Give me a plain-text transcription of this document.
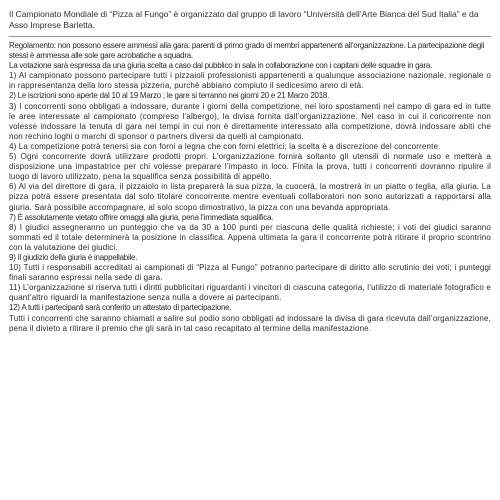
Il Campionato Mondiale di “Pizza al Fungo” è organizzato dal gruppo di lavoro “Università dell’Arte Bianca del Sud Italia” e da Asso Imprese Barletta.

Regolamento: non possono essere ammessi alla gara: parenti di primo grado di membri appartenenti all’organizzazione. La partecipazione degli stessi è ammessa alle sole gare acrobatiche a squadra.

La votazione sarà espressa da una giuria scelta a caso dal pubblico in sala in collaborazione con i capitani delle squadre in gara.

1) Al campionato possono partecipare tutti i pizzaioli professionisti appartenenti a qualunque associazione nazionale, regionale o in rappresentanza della loro stessa pizzeria, purchè abbiano compiuto il sedicesimo anno di età.

2) Le iscrizioni sono aperte dal 10 al 19 Marzo ; le gare si terranno nei giorni 20 e 21 Marzo 2018.

3) I concorrenti sono obbligati a indossare, durante i giorni della competizione, nei loro spostamenti nel campo di gara ed in tutte le aree interessate al campionato (compreso l’albergo), la divisa fornita dall’organizzazione. Nel caso in cui il concorrente non volesse indossare la tenuta di gara nei tempi in cui non è direttamente interessato alla competizione, dovrà indossare abiti che non rechino loghi o marchi di sponsor o partners diversi da quelli al campionato.

4) La competizione potrà tenersi sia con forni a legna che con forni elettrici; la scelta è a discrezione del concorrente.

5) Ogni concorrente dovrà utilizzare prodotti propri. L’organizzazione fornirà soltanto gli utensili di normale uso e metterà a disposizione una impastatrice per chi volesse preparare l’impasto in loco. Finita la prova, tutti i concorrenti dovranno ripulire il luogo di lavoro utilizzato, pena la squalifica senza possibilità di appello.

6) Al via del direttore di gara, il pizzaiolo in lista preparerà la sua pizza, la cuocerà, la mostrerà in un piatto o teglia, alla giuria. La pizza potrà essere presentata dal solo titolare concorrente mentre eventuali collaboratori non sono autorizzati a rapportarsi alla giuria. Sarà possibile accompagnare, al solo scopo dimostrativo, la pizza con una bevanda appropriata.

7) È assolutamente vietato offrire omaggi alla giuria, pena l’immediata squalifica.

8) I giudici assegneranno un punteggio che va da 30 a 100 punti per ciascuna delle qualità richieste; i voti dei giudici saranno sommati ed il totale determinerà la posizione in classifica. Appena ultimata la gara il concorrente potrà ritirare il proprio scontrino con la valutazione dei giudici.

9) Il giudizio della giuria è inappellabile.

10) Tutti i responsabili accreditati ai campionati di “Pizza al Fungo” potranno partecipare di diritto allo scrutinio dei voti; i punteggi finali saranno espressi nella sede di gara.

11) L’organizzazione si riserva tutti i diritti pubblicitari riguardanti i vincitori di ciascuna categoria, l’utilizzo di materiale fotografico e quant’altro riguardi la manifestazione senza nulla a dovere ai partecipanti.

12) A tutti i partecipanti sarà conferito un attestato di partecipazione.

Tutti i concorrenti che saranno chiamati a salire sul podio sono obbligati ad indossare la divisa di gara ricevuta dall’organizzazione, pena il divieto a ritirare il premio che gli sarà in tal caso recapitato al termine della manifestazione.
